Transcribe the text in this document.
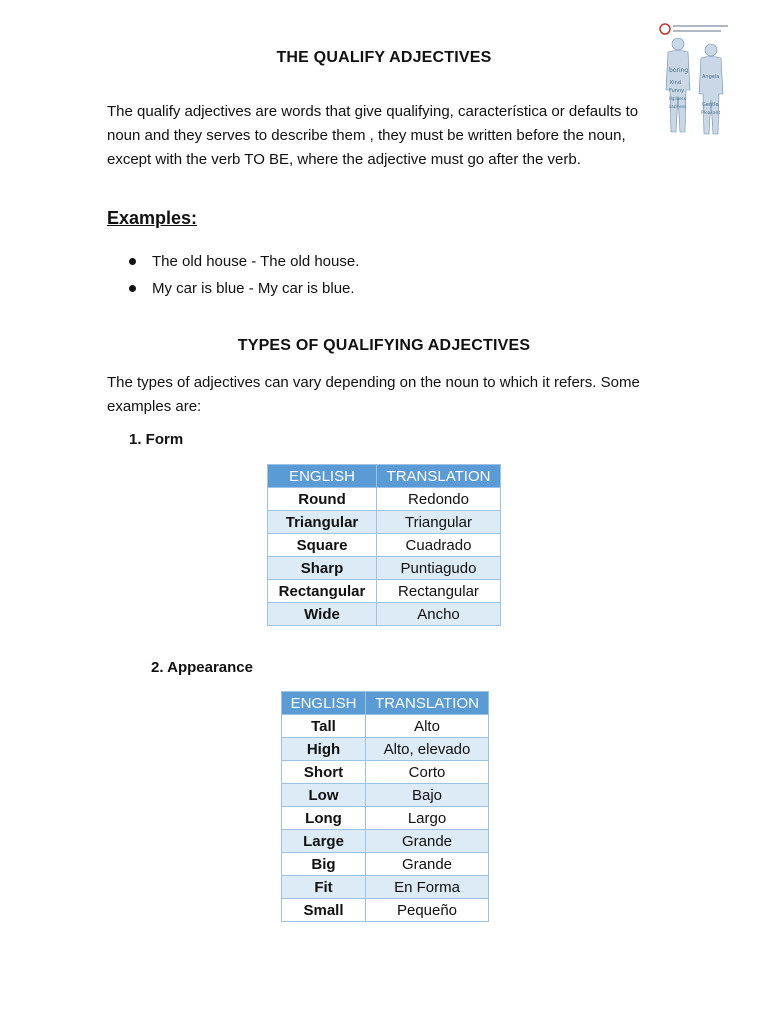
THE QUALIFY ADJECTIVES
boring
Kind
Funny
Angela
Gentle
Pleasant
Ugliness
Laziness
The qualify adjectives are words that give qualifying, característica or defaults to noun and they serves to describe them , they must be written before the noun, except with the verb TO BE, where the adjective must go after the verb.
Examples:
The old house - The old house.
My car is blue - My car is blue.
TYPES OF QUALIFYING ADJECTIVES
The types of adjectives can vary depending on the noun to which it refers. Some examples are:
1. Form
ENGLISH	TRANSLATION
Round	Redondo
Triangular	Triangular
Square	Cuadrado
Sharp	Puntiagudo
Rectangular	Rectangular
Wide	Ancho
2. Appearance
ENGLISH	TRANSLATION
Tall	Alto
High	Alto, elevado
Short	Corto
Low	Bajo
Long	Largo
Large	Grande
Big	Grande
Fit	En Forma
Small	Pequeño
